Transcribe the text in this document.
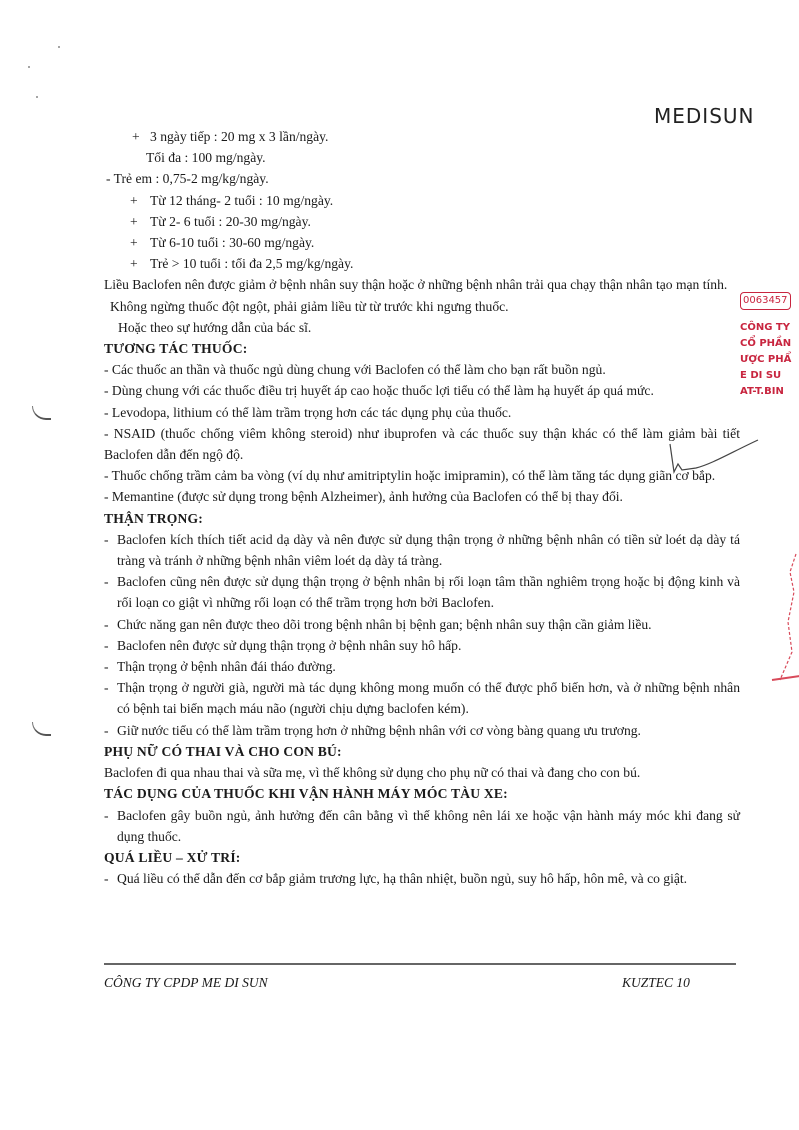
MEDISUN
+ 3 ngày tiếp : 20 mg x 3 lần/ngày.
Tối đa : 100 mg/ngày.
- Trẻ em : 0,75-2 mg/kg/ngày.
+ Từ 12 tháng- 2 tuổi : 10 mg/ngày.
+ Từ 2- 6 tuổi : 20-30 mg/ngày.
+ Từ 6-10 tuổi : 30-60 mg/ngày.
+ Trẻ > 10 tuổi : tối đa 2,5 mg/kg/ngày.
Liều Baclofen nên được giảm ở bệnh nhân suy thận hoặc ở những bệnh nhân trải qua chạy thận nhân tạo mạn tính.
Không ngừng thuốc đột ngột, phải giảm liều từ từ trước khi ngưng thuốc.
Hoặc theo sự hướng dẫn của bác sĩ.
TƯƠNG TÁC THUỐC:
- Các thuốc an thần và thuốc ngủ dùng chung với Baclofen có thể làm cho bạn rất buồn ngủ.
- Dùng chung với các thuốc điều trị huyết áp cao hoặc thuốc lợi tiểu có thể làm hạ huyết áp quá mức.
- Levodopa, lithium có thể làm trầm trọng hơn các tác dụng phụ của thuốc.
- NSAID (thuốc chống viêm không steroid) như ibuprofen và các thuốc suy thận khác có thể làm giảm bài tiết Baclofen dẫn đến ngộ độ.
- Thuốc chống trầm cảm ba vòng (ví dụ như amitriptylin hoặc imipramin), có thể làm tăng tác dụng giãn cơ bắp.
- Memantine (được sử dụng trong bệnh Alzheimer), ảnh hưởng của Baclofen có thể bị thay đổi.
THẬN TRỌNG:
- Baclofen kích thích tiết acid dạ dày và nên được sử dụng thận trọng ở những bệnh nhân có tiền sử loét dạ dày tá tràng và tránh ở những bệnh nhân viêm loét dạ dày tá tràng.
- Baclofen cũng nên được sử dụng thận trọng ở bệnh nhân bị rối loạn tâm thần nghiêm trọng hoặc bị động kinh và rối loạn co giật vì những rối loạn có thể trầm trọng hơn bởi Baclofen.
- Chức năng gan nên được theo dõi trong bệnh nhân bị bệnh gan; bệnh nhân suy thận cần giảm liều.
- Baclofen nên được sử dụng thận trọng ở bệnh nhân suy hô hấp.
- Thận trọng ở bệnh nhân đái tháo đường.
- Thận trọng ở người già, người mà tác dụng không mong muốn có thể được phổ biến hơn, và ở những bệnh nhân có bệnh tai biến mạch máu não (người chịu dựng baclofen kém).
- Giữ nước tiểu có thể làm trầm trọng hơn ở những bệnh nhân với cơ vòng bàng quang ưu trương.
PHỤ NỮ CÓ THAI VÀ CHO CON BÚ:
Baclofen đi qua nhau thai và sữa mẹ, vì thế không sử dụng cho phụ nữ có thai và đang cho con bú.
TÁC DỤNG CỦA THUỐC KHI VẬN HÀNH MÁY MÓC TÀU XE:
- Baclofen gây buồn ngủ, ảnh hưởng đến cân bằng vì thế không nên lái xe hoặc vận hành máy móc khi đang sử dụng thuốc.
QUÁ LIỀU – XỬ TRÍ:
- Quá liều có thể dẫn đến cơ bắp giảm trương lực, hạ thân nhiệt, buồn ngủ, suy hô hấp, hôn mê, và co giật.
CÔNG TY CPDP ME DI SUN	KUZTEC 10
0063457
CÔNG TY
CỔ PHẦN
ƯỢC PHẨ
E DI SU
AT-T.BIN
